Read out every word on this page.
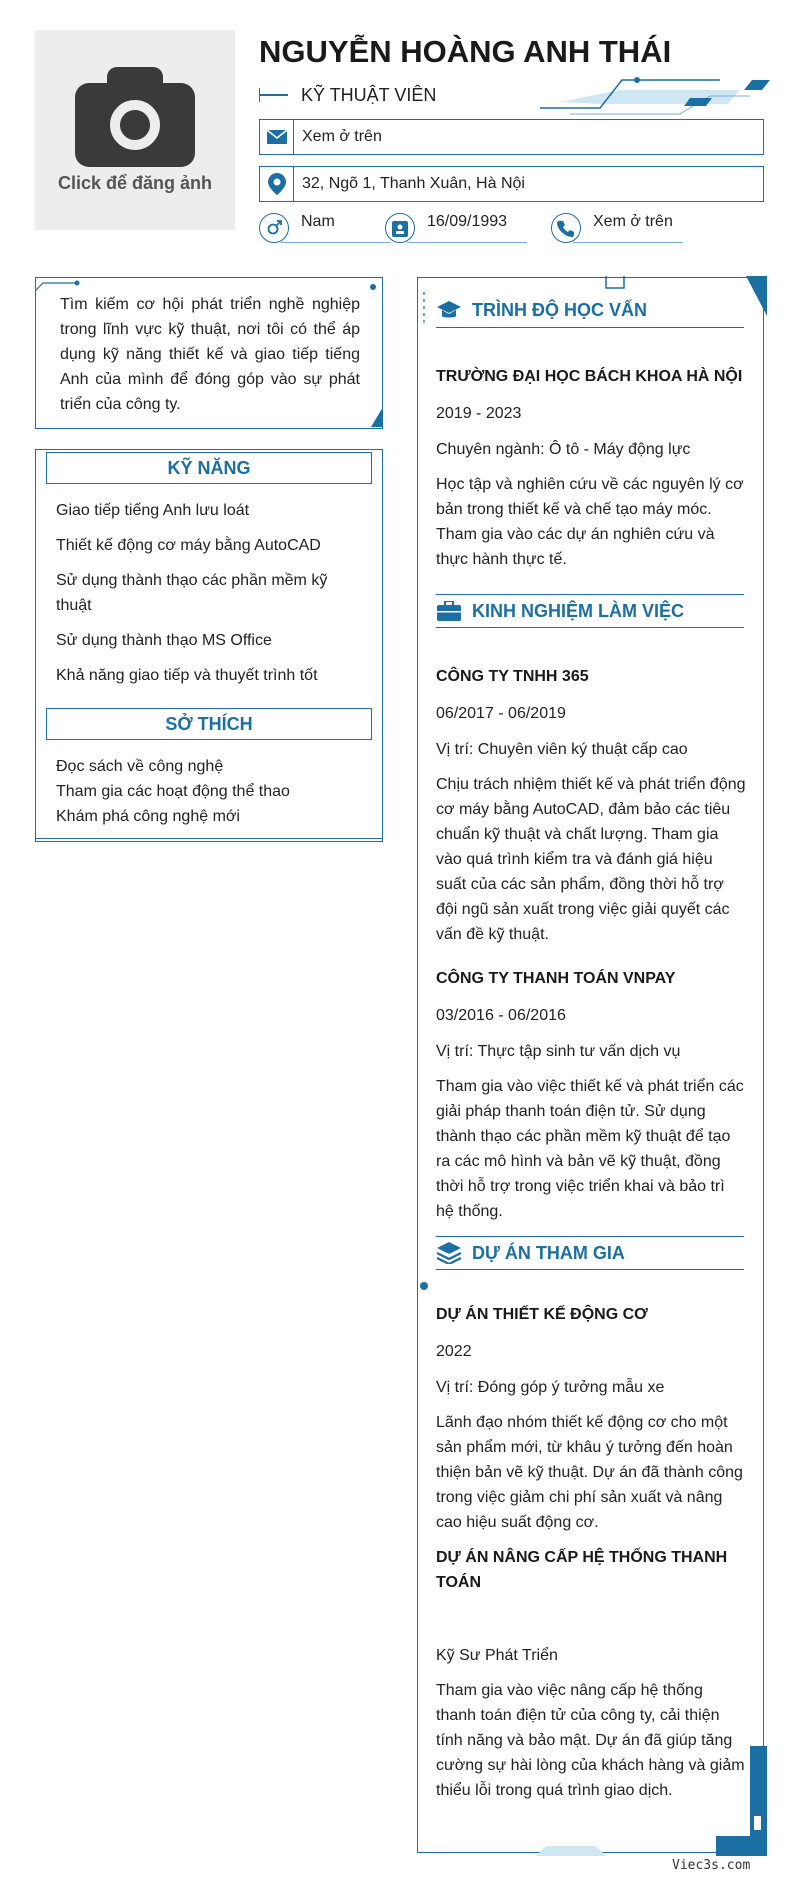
Click để đăng ảnh
NGUYỄN HOÀNG ANH THÁI
KỸ THUẬT VIÊN
Xem ở trên
32, Ngõ 1, Thanh Xuân, Hà Nội
Nam	16/09/1993	Xem ở trên

Tìm kiếm cơ hội phát triển nghề nghiệp trong lĩnh vực kỹ thuật, nơi tôi có thể áp dụng kỹ năng thiết kế và giao tiếp tiếng Anh của mình để đóng góp vào sự phát triển của công ty.

KỸ NĂNG
Giao tiếp tiếng Anh lưu loát
Thiết kế động cơ máy bằng AutoCAD
Sử dụng thành thạo các phần mềm kỹ thuật
Sử dụng thành thạo MS Office
Khả năng giao tiếp và thuyết trình tốt
SỞ THÍCH
Đọc sách về công nghệ
Tham gia các hoạt động thể thao
Khám phá công nghệ mới
TRÌNH ĐỘ HỌC VẤN
TRƯỜNG ĐẠI HỌC BÁCH KHOA HÀ NỘI
2019 - 2023
Chuyên ngành: Ô tô - Máy động lực
Học tập và nghiên cứu về các nguyên lý cơ bản trong thiết kế và chế tạo máy móc. Tham gia vào các dự án nghiên cứu và thực hành thực tế.
KINH NGHIỆM LÀM VIỆC
CÔNG TY TNHH 365
06/2017 - 06/2019
Vị trí: Chuyên viên ký thuật cấp cao
Chịu trách nhiệm thiết kế và phát triển động cơ máy bằng AutoCAD, đảm bảo các tiêu chuẩn kỹ thuật và chất lượng. Tham gia vào quá trình kiểm tra và đánh giá hiệu suất của các sản phẩm, đồng thời hỗ trợ đội ngũ sản xuất trong việc giải quyết các vấn đề kỹ thuật.
CÔNG TY THANH TOÁN VNPAY
03/2016 - 06/2016
Vị trí: Thực tập sinh tư vấn dịch vụ
Tham gia vào việc thiết kế và phát triển các giải pháp thanh toán điện tử. Sử dụng thành thạo các phần mềm kỹ thuật để tạo ra các mô hình và bản vẽ kỹ thuật, đồng thời hỗ trợ trong việc triển khai và bảo trì hệ thống.
DỰ ÁN THAM GIA
DỰ ÁN THIẾT KẾ ĐỘNG CƠ
2022
Vị trí: Đóng góp ý tưởng mẫu xe
Lãnh đạo nhóm thiết kế động cơ cho một sản phẩm mới, từ khâu ý tưởng đến hoàn thiện bản vẽ kỹ thuật. Dự án đã thành công trong việc giảm chi phí sản xuất và nâng cao hiệu suất động cơ.
DỰ ÁN NÂNG CẤP HỆ THỐNG THANH TOÁN
Kỹ Sư Phát Triển
Tham gia vào việc nâng cấp hệ thống thanh toán điện tử của công ty, cải thiện tính năng và bảo mật. Dự án đã giúp tăng cường sự hài lòng của khách hàng và giảm thiểu lỗi trong quá trình giao dịch.
Viec3s.com
